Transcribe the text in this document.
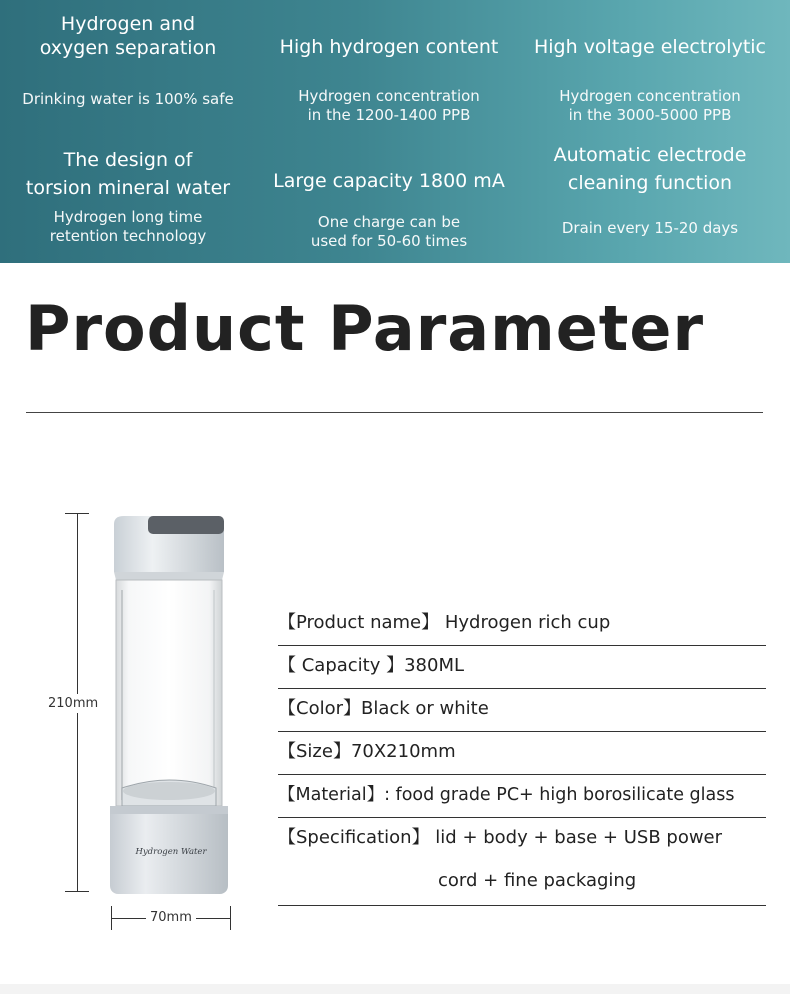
Hydrogen and
oxygen separation
Drinking water is 100% safe
High hydrogen content
Hydrogen concentration
in the 1200-1400 PPB
High voltage electrolytic
Hydrogen concentration
in the 3000-5000 PPB
The design of
torsion mineral water
Hydrogen long time
retention technology
Large capacity 1800 mA
One charge can be
used for 50-60 times
Automatic electrode
cleaning function
Drain every 15-20 days
Product Parameter
210mm
70mm
Hydrogen Water
【Product name】 Hydrogen rich cup
【 Capacity 】380ML
【Color】Black or white
【Size】70X210mm
【Material】: food grade PC+ high borosilicate glass
【Specification】 lid + body + base + USB power
cord + fine packaging
